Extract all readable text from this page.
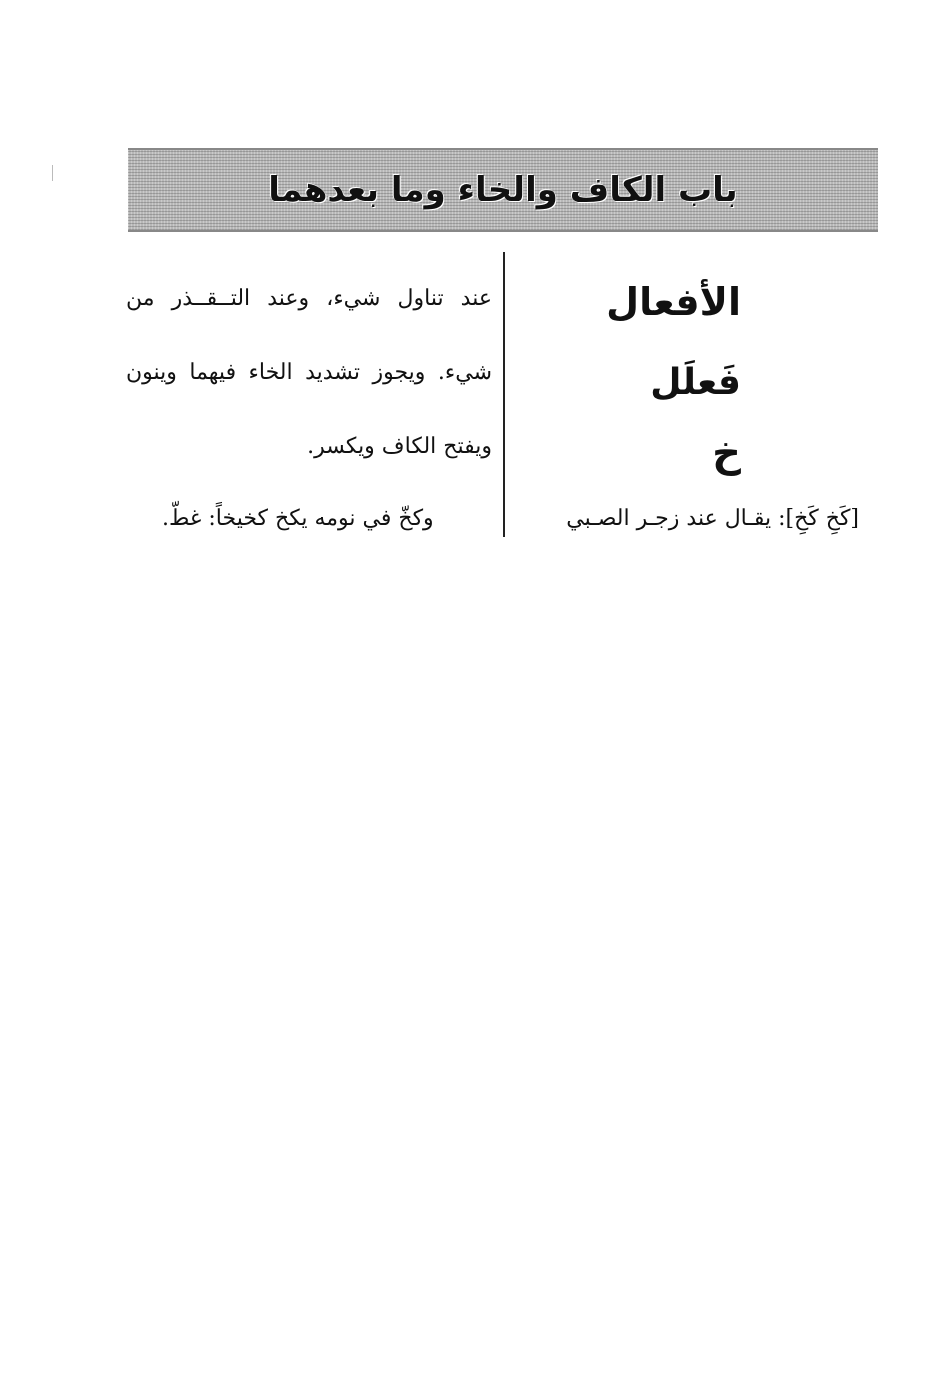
باب الكاف والخاء وما بعدهما
الأفعال
فَعلَل
خ
عند تناول شيء، وعند التــقــذر من
شيء. ويجوز تشديد الخاء فيهما وينون
ويفتح الكاف ويكسر.
[كَخِ كَخِ]: يقـال عند زجـر الصـبي
وكخّ في نومه يكخ كخيخاً: غطّ.
